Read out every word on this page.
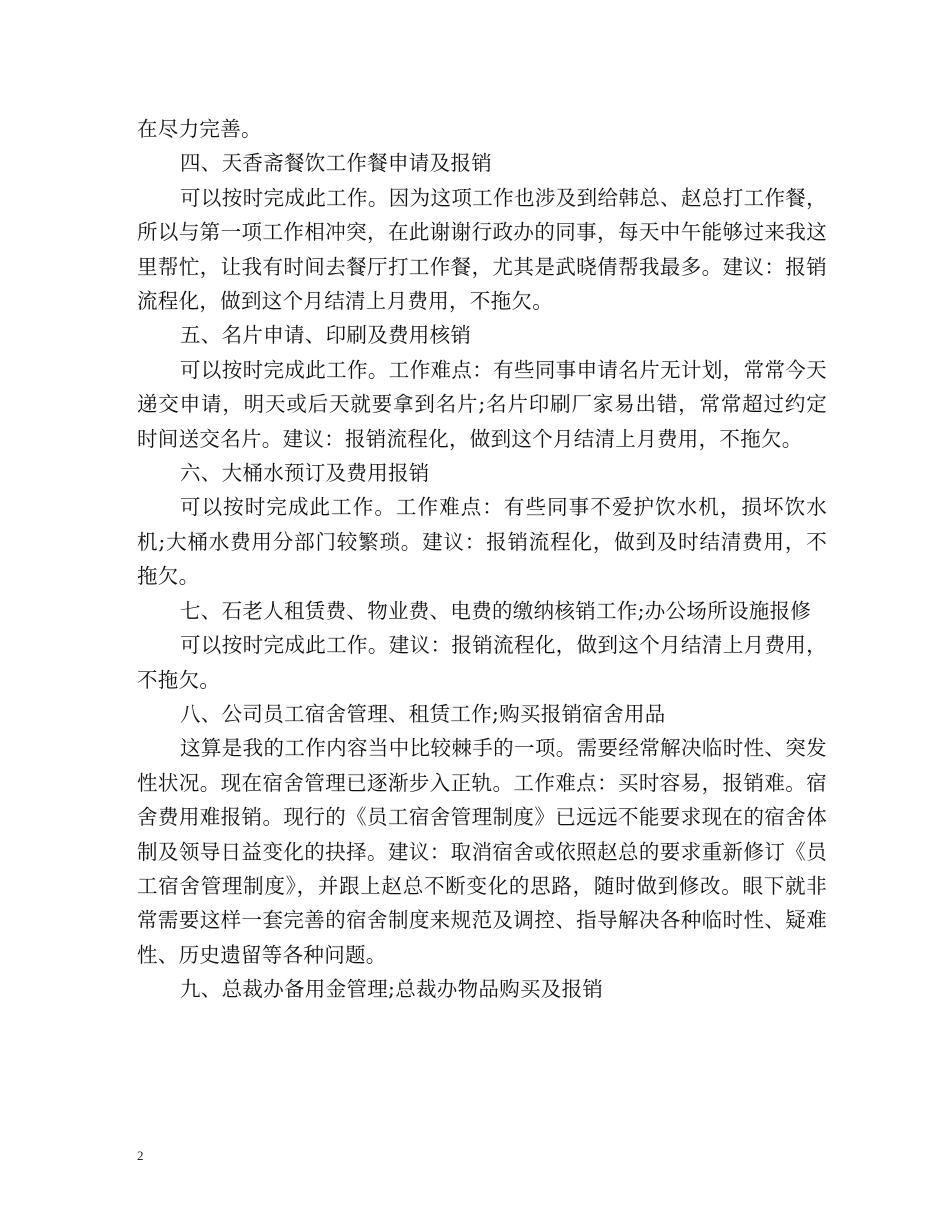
在尽力完善。

四、天香斋餐饮工作餐申请及报销

可以按时完成此工作。因为这项工作也涉及到给韩总、赵总打工作餐，所以与第一项工作相冲突，在此谢谢行政办的同事，每天中午能够过来我这里帮忙，让我有时间去餐厅打工作餐，尤其是武晓倩帮我最多。建议：报销流程化，做到这个月结清上月费用，不拖欠。

五、名片申请、印刷及费用核销

可以按时完成此工作。工作难点：有些同事申请名片无计划，常常今天递交申请，明天或后天就要拿到名片;名片印刷厂家易出错，常常超过约定时间送交名片。建议：报销流程化，做到这个月结清上月费用，不拖欠。

六、大桶水预订及费用报销

可以按时完成此工作。工作难点：有些同事不爱护饮水机，损坏饮水机;大桶水费用分部门较繁琐。建议：报销流程化，做到及时结清费用，不拖欠。

七、石老人租赁费、物业费、电费的缴纳核销工作;办公场所设施报修

可以按时完成此工作。建议：报销流程化，做到这个月结清上月费用，不拖欠。

八、公司员工宿舍管理、租赁工作;购买报销宿舍用品

这算是我的工作内容当中比较棘手的一项。需要经常解决临时性、突发性状况。现在宿舍管理已逐渐步入正轨。工作难点：买时容易，报销难。宿舍费用难报销。现行的《员工宿舍管理制度》已远远不能要求现在的宿舍体制及领导日益变化的抉择。建议：取消宿舍或依照赵总的要求重新修订《员工宿舍管理制度》，并跟上赵总不断变化的思路，随时做到修改。眼下就非常需要这样一套完善的宿舍制度来规范及调控、指导解决各种临时性、疑难性、历史遗留等各种问题。

九、总裁办备用金管理;总裁办物品购买及报销

2
